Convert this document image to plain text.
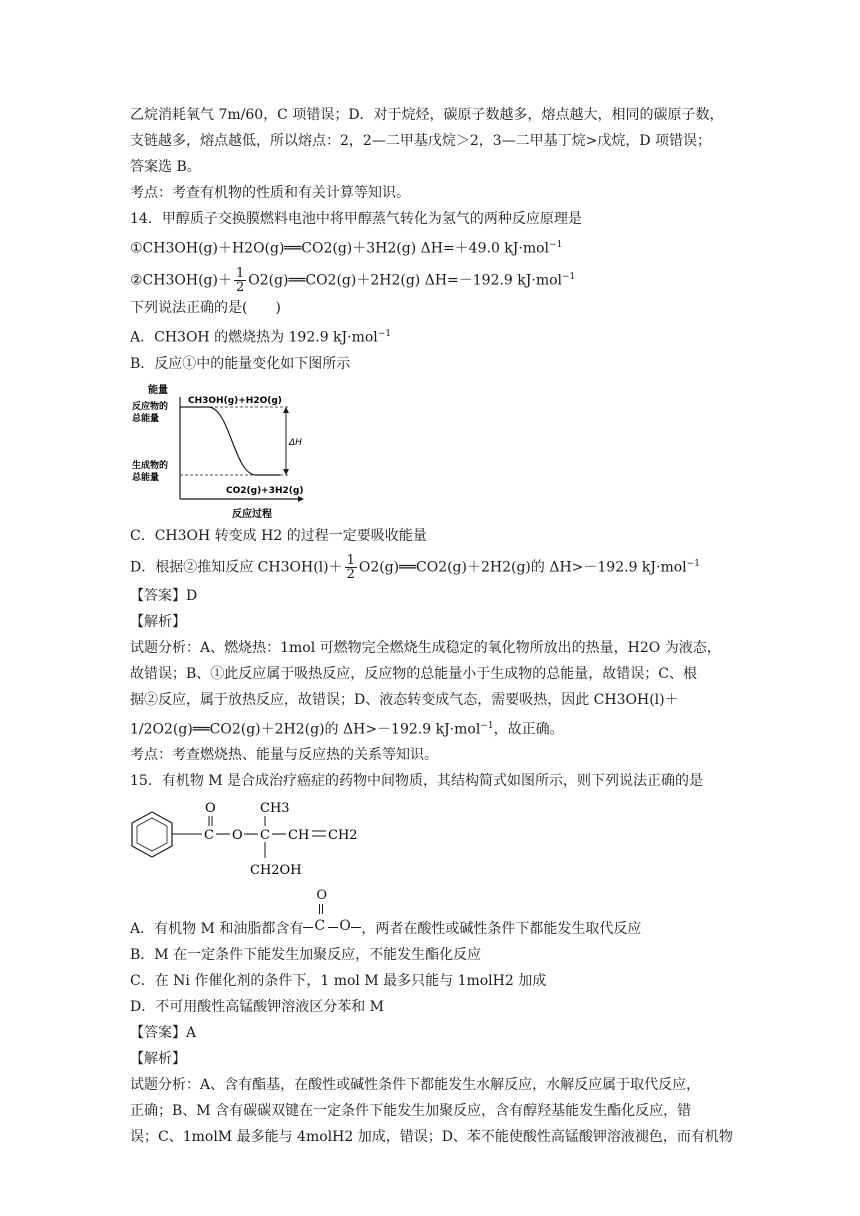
乙烷消耗氧气 7m/60，C 项错误；D．对于烷烃，碳原子数越多，熔点越大，相同的碳原子数，
支链越多，熔点越低，所以熔点：2，2—二甲基戊烷＞2，3—二甲基丁烷>戊烷，D 项错误；
答案选 B。
考点：考查有机物的性质和有关计算等知识。
14．甲醇质子交换膜燃料电池中将甲醇蒸气转化为氢气的两种反应原理是
①CH3OH(g)＋H2O(g)══CO2(g)＋3H2(g) ΔH=＋49.0 kJ·mol$^{-1}$
②CH3OH(g)＋ $\frac{1}{2}$ O2(g)══CO2(g)＋2H2(g) ΔH=－192.9 kJ·mol$^{-1}$
下列说法正确的是(　　)
A．CH3OH 的燃烧热为 192.9 kJ·mol$^{-1}$
B．反应①中的能量变化如下图所示
能量
反应物的
总能量
生成物的
总能量
CH3OH(g)+H2O(g)
CO2(g)+3H2(g)
ΔH
反应过程
C．CH3OH 转变成 H2 的过程一定要吸收能量
D．根据②推知反应 $CH3OH(l)+ \frac{1}{2}$ O2(g)══CO2(g)＋2H2(g)的 ΔH>－192.9 kJ·mol$^{-1}$
【答案】D
【解析】
试题分析：A、燃烧热：1mol 可燃物完全燃烧生成稳定的氧化物所放出的热量，H2O 为液态，
故错误；B、①此反应属于吸热反应，反应物的总能量小于生成物的总能量，故错误；C、根
据②反应，属于放热反应，故错误；D、液态转变成气态，需要吸热，因此 CH3OH(l)＋
1/2O2(g)══CO2(g)＋2H2(g)的 ΔH>－192.9 kJ·mol$^{-1}$，故正确。
考点：考查燃烧热、能量与反应热的关系等知识。
15．有机物 M 是合成治疗癌症的药物中间物质，其结构简式如图所示，则下列说法正确的是
C
O
O C
CH3
CH2OH
CH CH2
A．有机物 M 和油脂都含有
O
C O ，两者在酸性或碱性条件下都能发生取代反应
B．M 在一定条件下能发生加聚反应，不能发生酯化反应
C．在 Ni 作催化剂的条件下，1 mol M 最多只能与 1molH2 加成
D．不可用酸性高锰酸钾溶液区分苯和 M
【答案】A
【解析】
试题分析：A、含有酯基，在酸性或碱性条件下都能发生水解反应，水解反应属于取代反应，
正确；B、M 含有碳碳双键在一定条件下能发生加聚反应，含有醇羟基能发生酯化反应，错
误；C、1molM 最多能与 4molH2 加成，错误；D、苯不能使酸性高锰酸钾溶液褪色，而有机物
